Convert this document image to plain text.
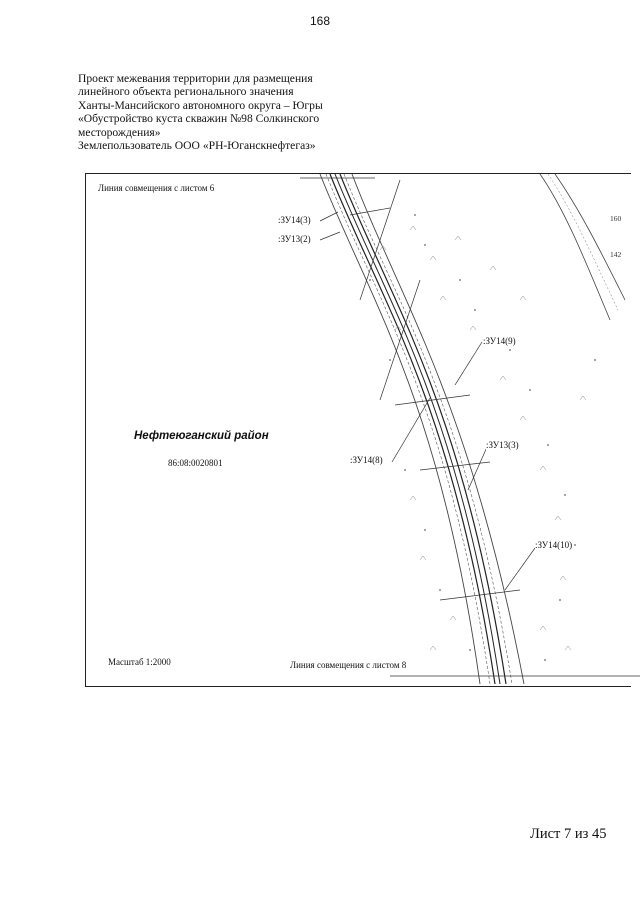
168
Проект межевания территории для размещения
линейного объекта регионального значения
Ханты-Мансийского автономного округа – Югры
«Обустройство куста скважин №98 Солкинского
месторождения»
Землепользователь ООО «РН-Юганскнефтегаз»
Линия совмещения с листом 6
:ЗУ14(3)
:ЗУ13(2)
:ЗУ14(9)
:ЗУ14(8)
:ЗУ13(3)
:ЗУ14(10)
160
142
Нефтеюганский район
86:08:0020801
Масштаб 1:2000	Линия совмещения с листом 8
Лист 7 из 45
